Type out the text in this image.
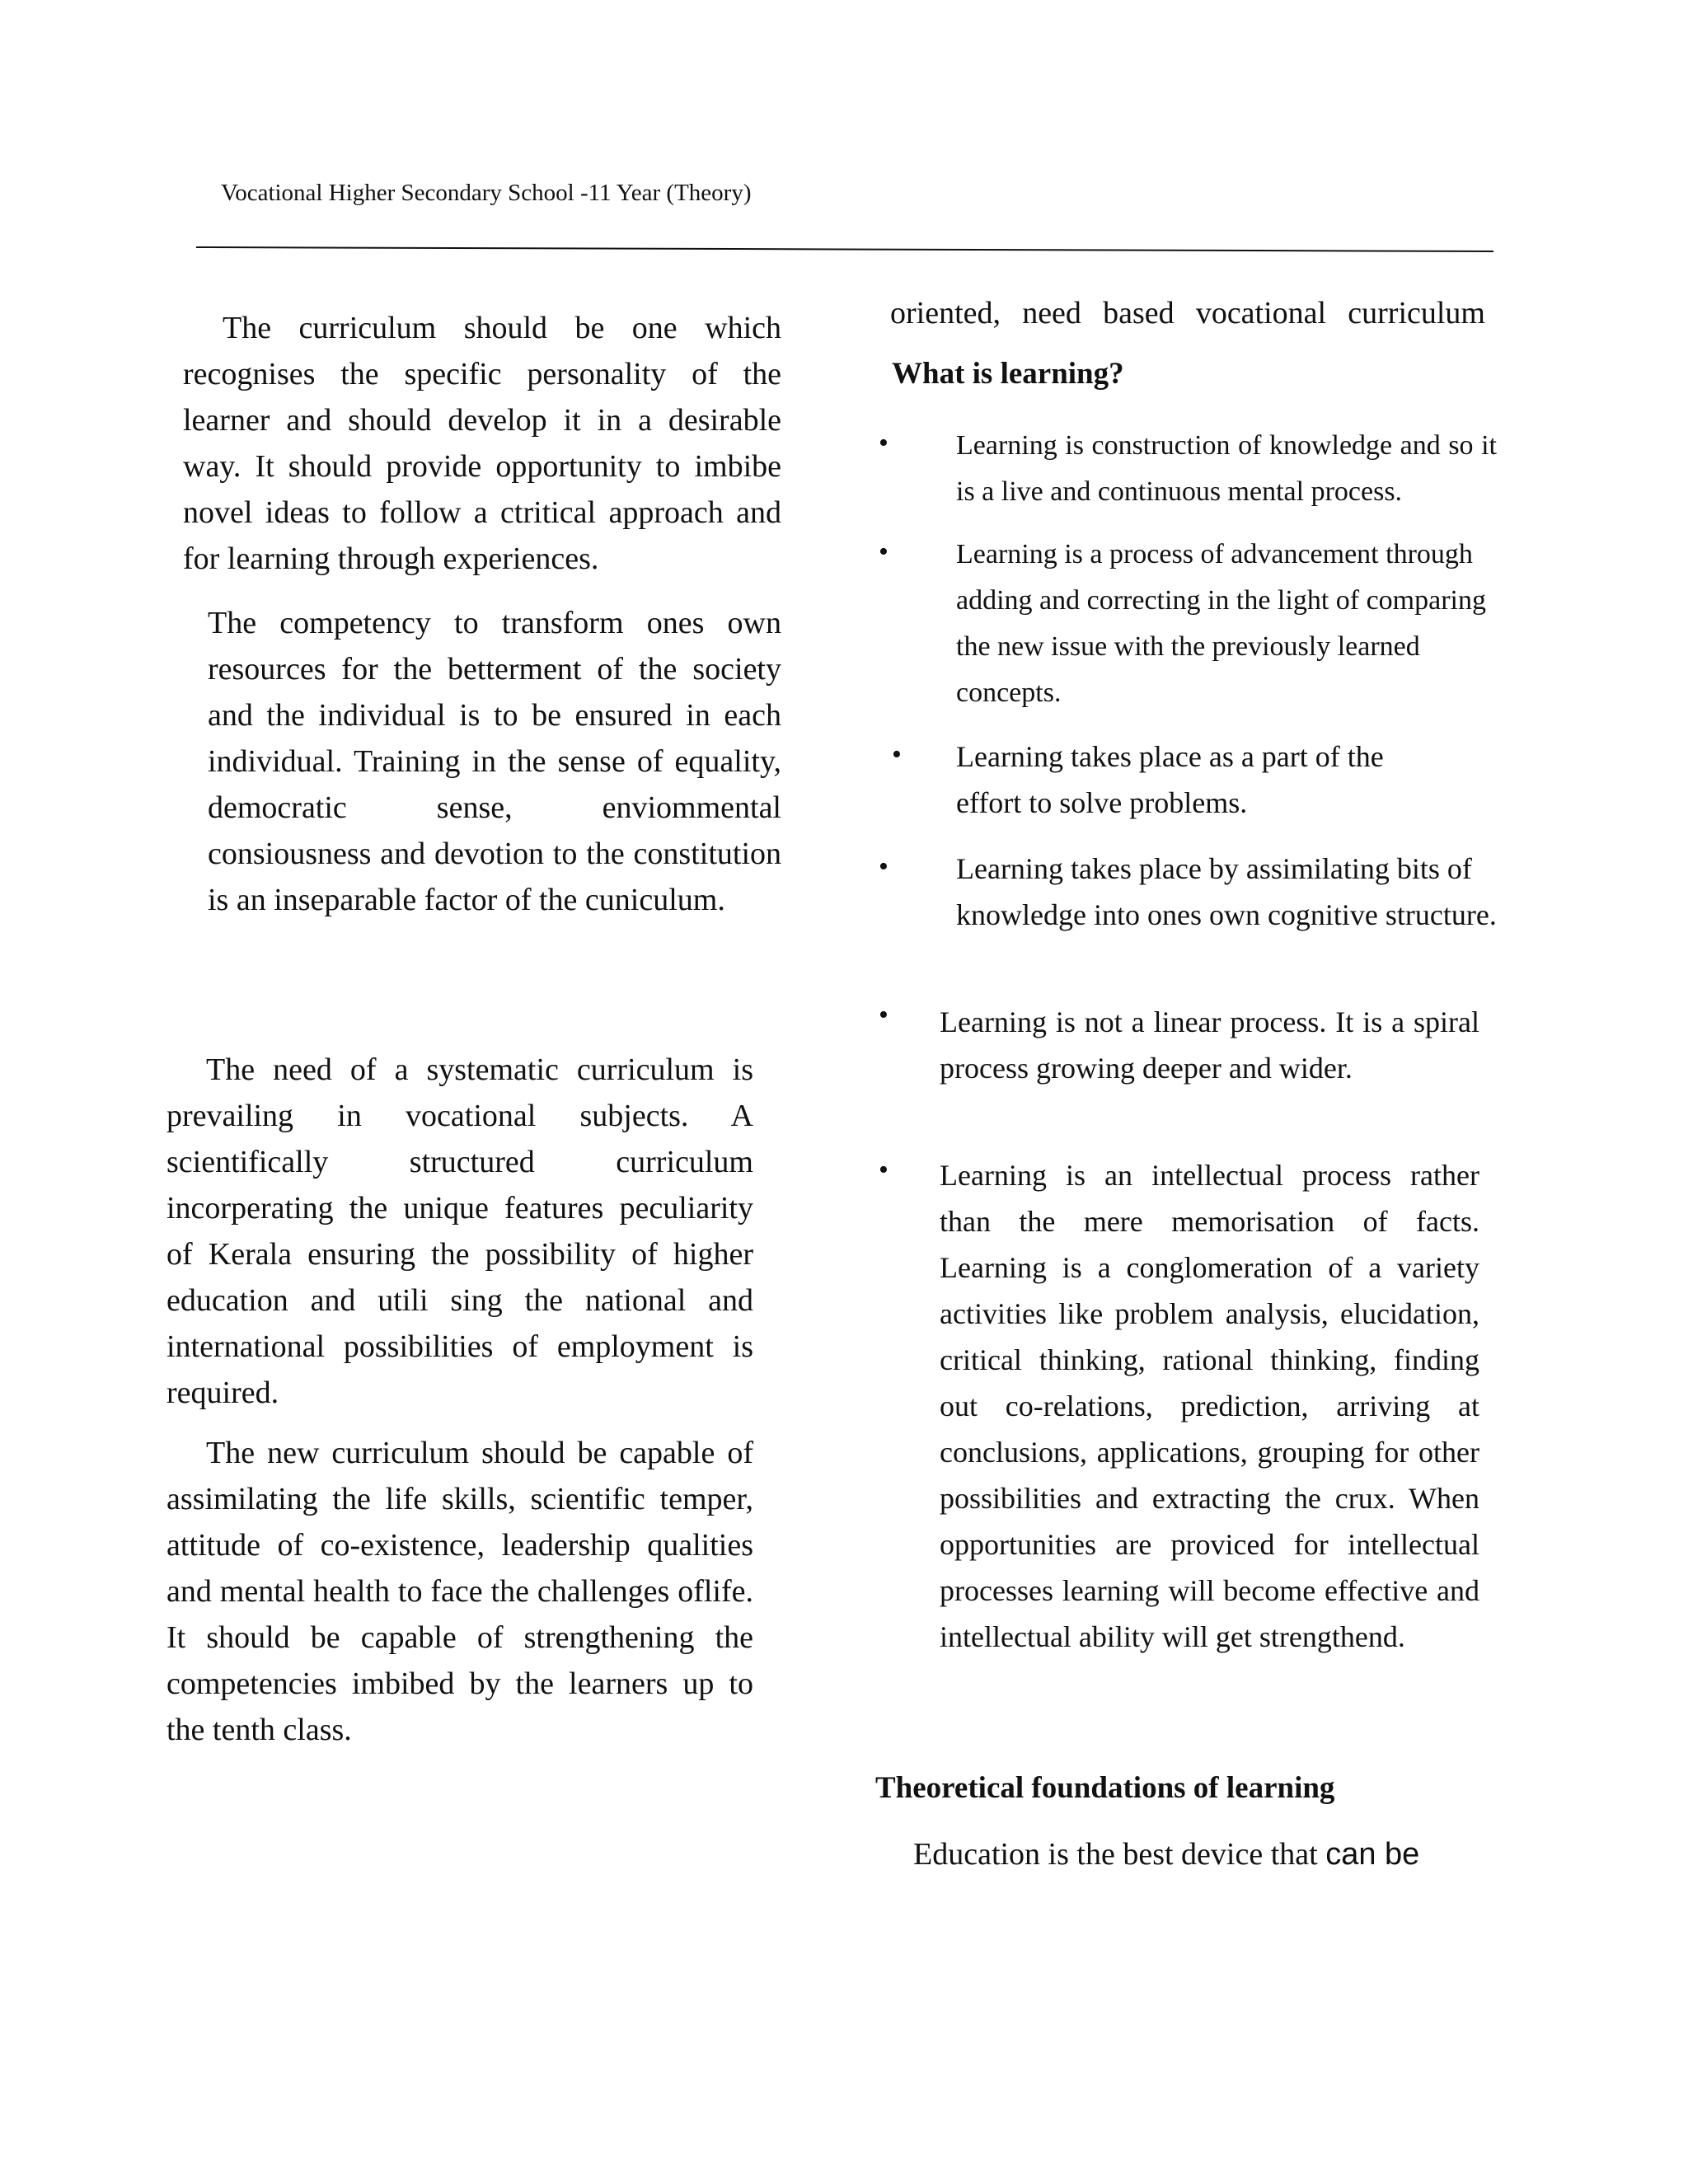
Vocational Higher Secondary School -11 Year (Theory)

The curriculum should be one which recognises the specific personality of the learner and should develop it in a desirable way. It should provide opportunity to imbibe novel ideas to follow a ctritical approach and for learning through experiences.

The competency to transform ones own resources for the betterment of the society and the individual is to be ensured in each individual. Training in the sense of equality, democratic sense, enviommental consiousness and devotion to the constitution is an inseparable factor of the cuniculum.

The need of a systematic curriculum is prevailing in vocational subjects. A scientifically structured curriculum incorperating the unique features peculiarity of Kerala ensuring the possibility of higher education and utili sing the national and international possibilities of employment is required.

The new curriculum should be capable of assimilating the life skills, scientific temper, attitude of co-existence, leadership qualities and mental health to face the challenges oflife. It should be capable of strengthening the competencies imbibed by the learners up to the tenth class.

oriented, need based vocational curriculum
What is learning?
• Learning is construction of knowledge and so it is a live and continuous mental process.

• Learning is a process of advancement through adding and correcting in the light of comparing the new issue with the previously learned concepts.

• Learning takes place as a part of the effort to solve problems.

• Learning takes place by assimilating bits of knowledge into ones own cognitive structure.

• Learning is not a linear process. It is a spiral process growing deeper and wider.

• Learning is an intellectual process rather than the mere memorisation of facts. Learning is a conglomeration of a variety activities like problem analysis, elucidation, critical thinking, rational thinking, finding out co-relations, prediction, arriving at conclusions, applications, grouping for other possibilities and extracting the crux. When opportunities are proviced for intellectual processes learning will become effective and intellectual ability will get strengthend.

Theoretical foundations of learning
Education is the best device that can be
